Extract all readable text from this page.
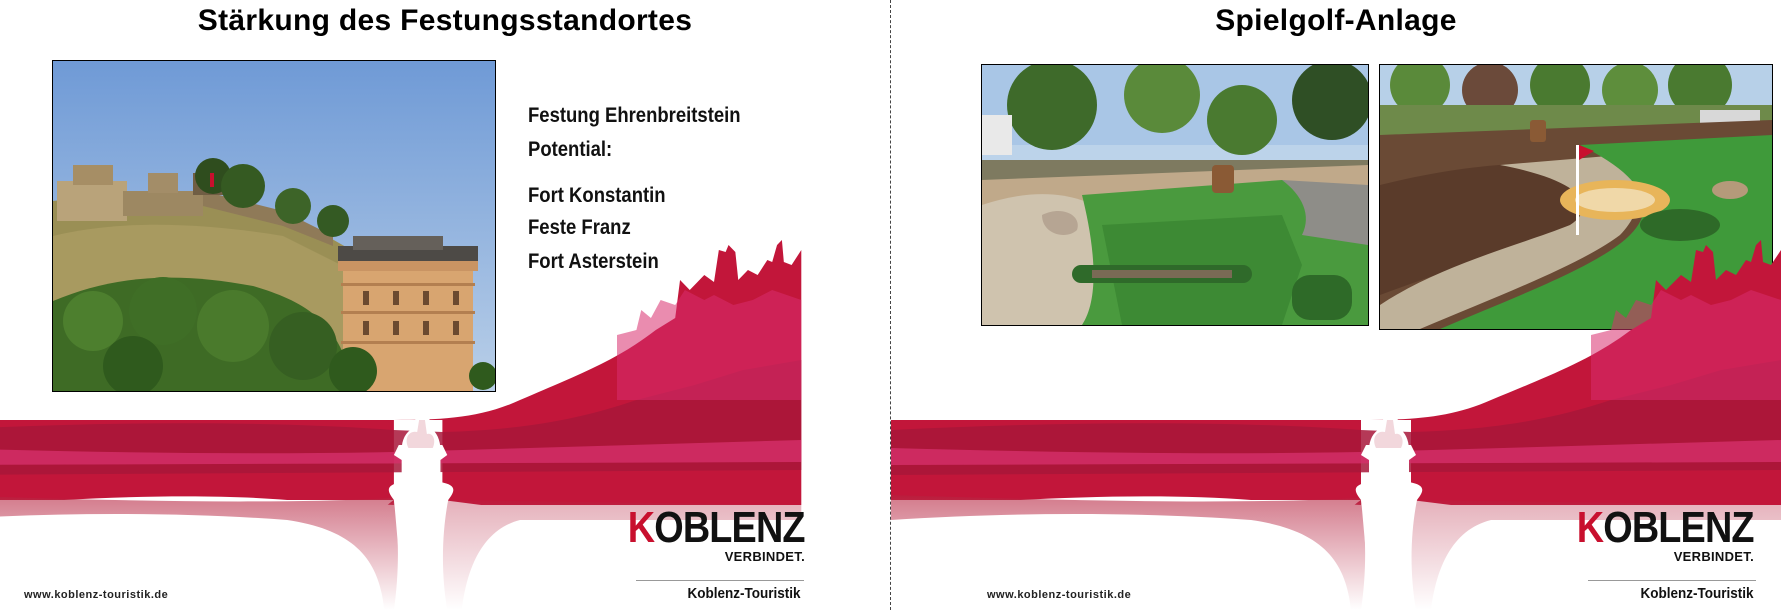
Stärkung des Festungsstandortes
Festung Ehrenbreitstein
Potential:
Fort Konstantin
Feste Franz
Fort Asterstein
KOBLENZ
VERBINDET.
Koblenz-Touristik
www.koblenz-touristik.de
Spielgolf-Anlage
KOBLENZ
VERBINDET.
Koblenz-Touristik
www.koblenz-touristik.de
